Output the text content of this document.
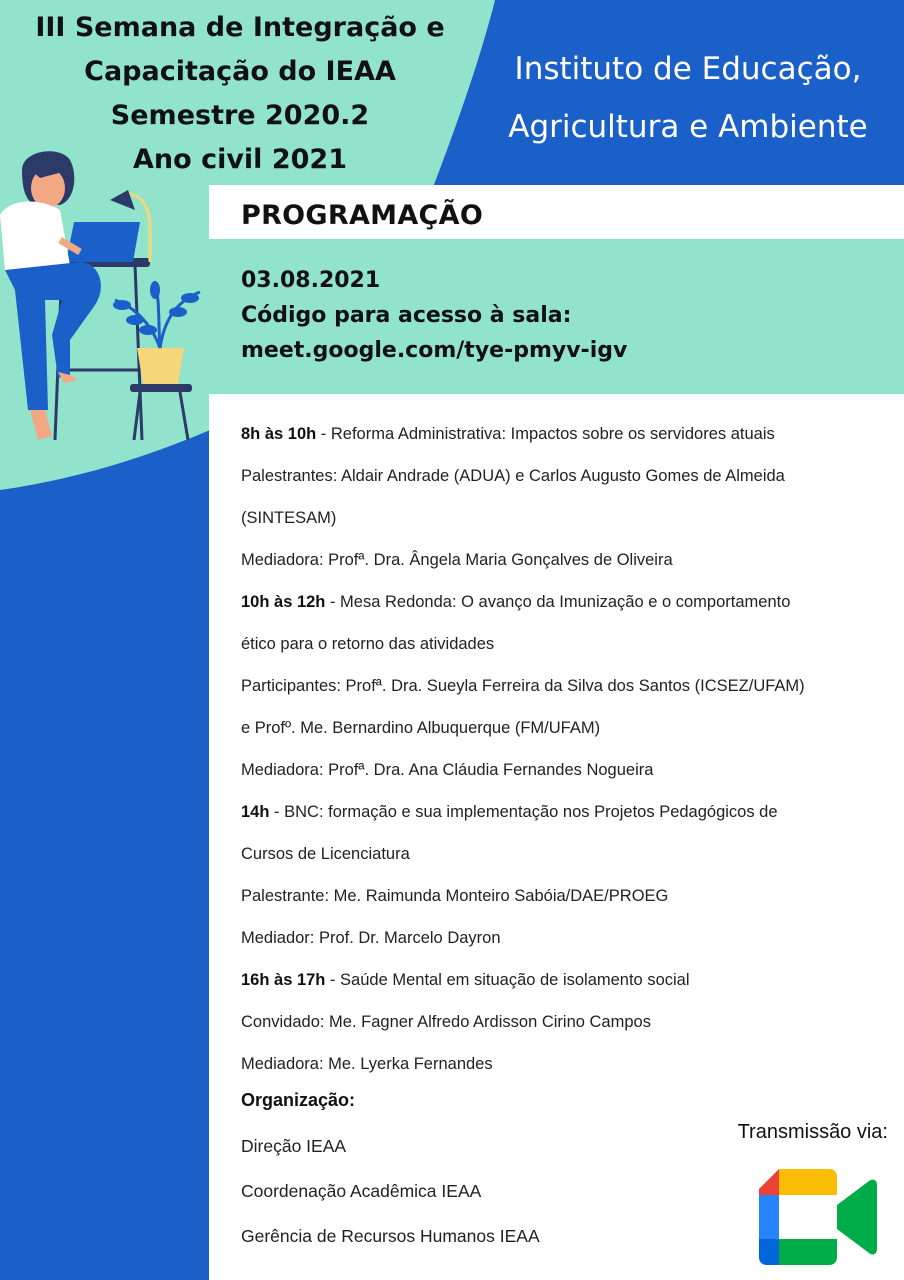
III Semana de Integração e
Capacitação do IEAA
Semestre 2020.2
Ano civil 2021
Instituto de Educação,
Agricultura e Ambiente
PROGRAMAÇÃO
03.08.2021
Código para acesso à sala:
meet.google.com/tye-pmyv-igv
8h às 10h - Reforma Administrativa: Impactos sobre os servidores atuais
Palestrantes: Aldair Andrade (ADUA) e Carlos Augusto Gomes de Almeida
(SINTESAM)
Mediadora: Profª. Dra. Ângela Maria Gonçalves de Oliveira
10h às 12h - Mesa Redonda: O avanço da Imunização e o comportamento
ético para o retorno das atividades
Participantes: Profª. Dra. Sueyla Ferreira da Silva dos Santos (ICSEZ/UFAM)
e Profº. Me. Bernardino Albuquerque (FM/UFAM)
Mediadora: Profª. Dra. Ana Cláudia Fernandes Nogueira
14h - BNC: formação e sua implementação nos Projetos Pedagógicos de
Cursos de Licenciatura
Palestrante: Me. Raimunda Monteiro Sabóia/DAE/PROEG
Mediador: Prof. Dr. Marcelo Dayron
16h às 17h - Saúde Mental em situação de isolamento social
Convidado: Me. Fagner Alfredo Ardisson Cirino Campos
Mediadora: Me. Lyerka Fernandes
Organização:
Direção IEAA
Coordenação Acadêmica IEAA
Gerência de Recursos Humanos IEAA
Transmissão via:
